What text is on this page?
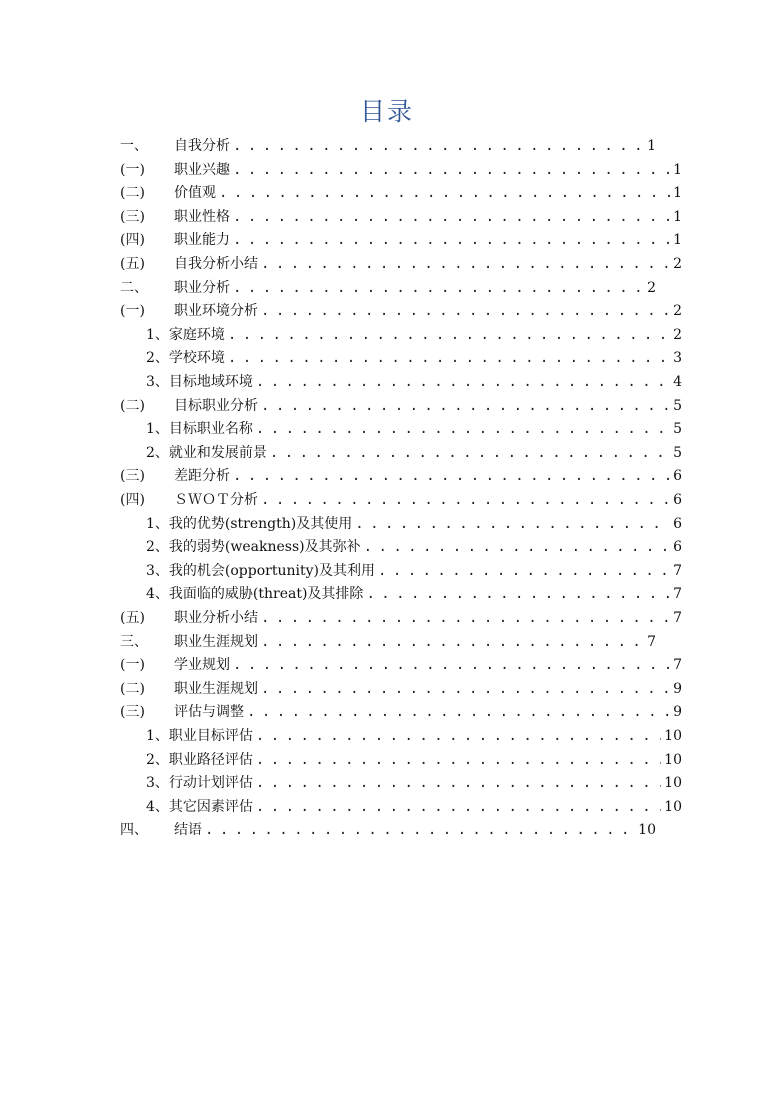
目录
一、	自我分析 . . .	1
(一)	职业兴趣 . . .	1
(二)	价值观 . . .	1
(三)	职业性格 . . .	1
(四)	职业能力 . . .	1
(五)	自我分析小结 . . .	2
二、	职业分析 . . .	2
(一)	职业环境分析 . . .	2
1、家庭环境 . . .	2
2、学校环境 . . .	3
3、目标地域环境 . . .	4
(二)	目标职业分析 . . .	5
1、目标职业名称 . . .	5
2、就业和发展前景 . . .	5
(三)	差距分析 . . .	6
(四)	ＳＷＯＴ分析 . . .	6
1、我的优势(strength)及其使用 . . .	6
2、我的弱势(weakness)及其弥补 . . .	6
3、我的机会(opportunity)及其利用 . . .	7
4、我面临的威胁(threat)及其排除 . . .	7
(五)	职业分析小结 . . .	7
三、	职业生涯规划 . . .	7
(一)	学业规划 . . .	7
(二)	职业生涯规划 . . .	9
(三)	评估与调整 . . .	9
1、职业目标评估 . . .	10
2、职业路径评估 . . .	10
3、行动计划评估 . . .	10
4、其它因素评估 . . .	10
四、	结语 . . .	10
